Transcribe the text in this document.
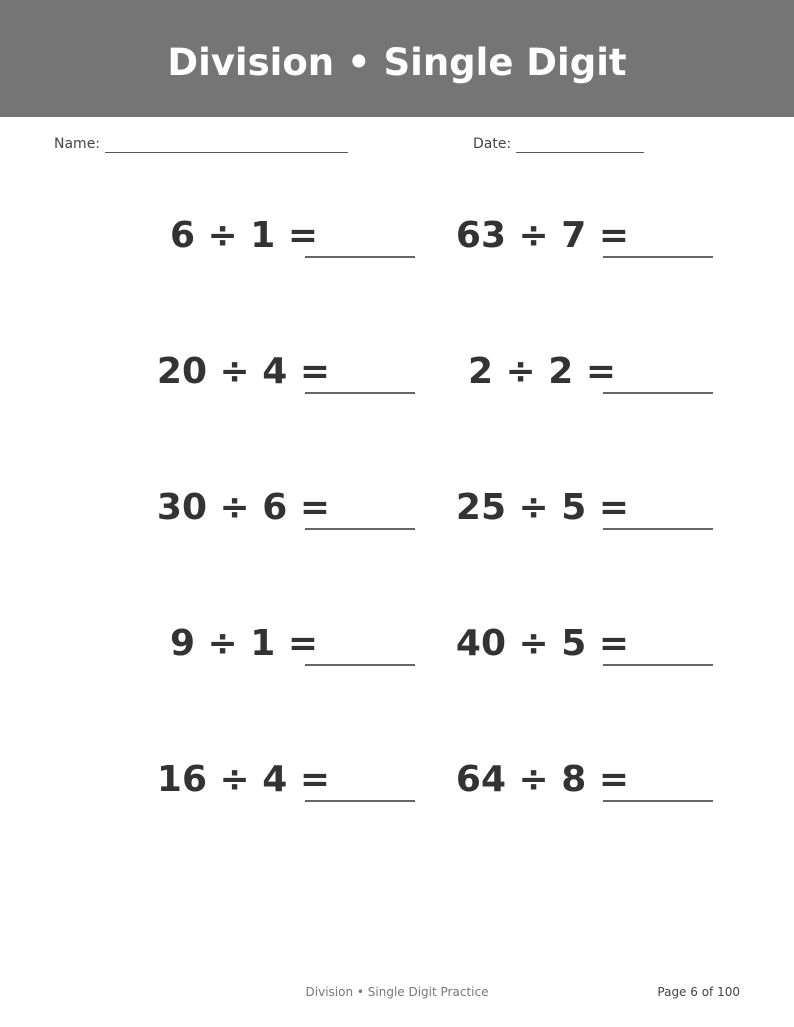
Division • Single Digit
Name:	Date:
6 ÷ 1 =	63 ÷ 7 =
20 ÷ 4 =	2 ÷ 2 =
30 ÷ 6 =	25 ÷ 5 =
9 ÷ 1 =	40 ÷ 5 =
16 ÷ 4 =	64 ÷ 8 =
Division • Single Digit Practice	Page 6 of 100
